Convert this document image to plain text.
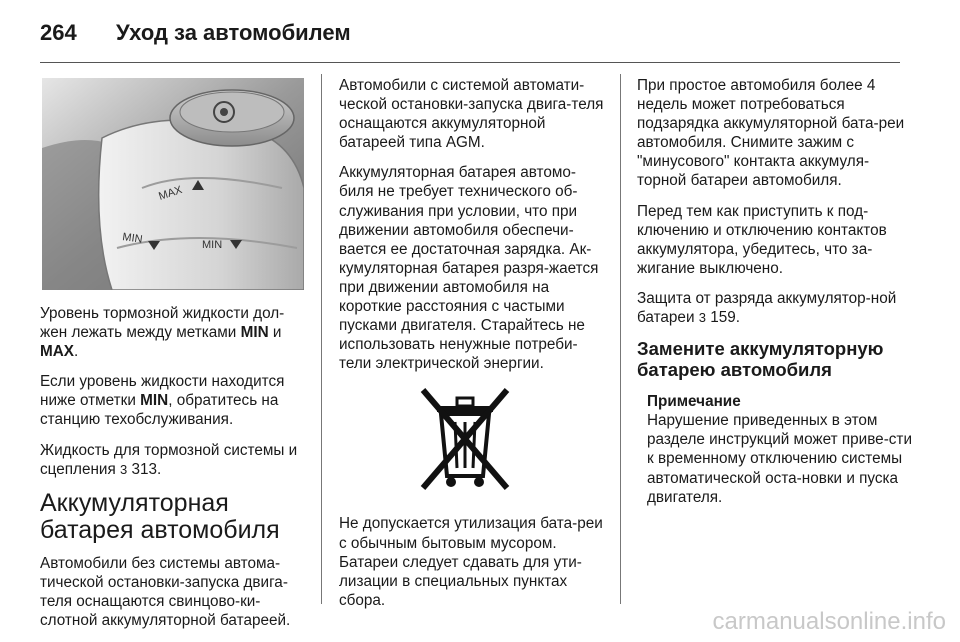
264 Уход за автомобилем
MAX
MIN	MIN

Уровень тормозной жидкости дол-жен лежать между метками MIN и MAX.

Если уровень жидкости находится ниже отметки MIN, обратитесь на станцию техобслуживания.

Жидкость для тормозной системы и сцепления 3 313.

Аккумуляторная батарея автомобиля

Автомобили без системы автома-тической остановки-запуска двига-теля оснащаются свинцово-ки-слотной аккумуляторной батареей.

Автомобили с системой автомати-ческой остановки-запуска двига-теля оснащаются аккумуляторной батареей типа AGM.

Аккумуляторная батарея автомо-биля не требует технического об-служивания при условии, что при движении автомобиля обеспечи-вается ее достаточная зарядка. Ак-кумуляторная батарея разря-жается при движении автомобиля на короткие расстояния с частыми пусками двигателя. Старайтесь не использовать ненужные потреби-тели электрической энергии.

Не допускается утилизация бата-реи с обычным бытовым мусором. Батареи следует сдавать для ути-лизации в специальных пунктах сбора.

При простое автомобиля более 4 недель может потребоваться подзарядка аккумуляторной бата-реи автомобиля. Снимите зажим с "минусового" контакта аккумуля-торной батареи автомобиля.

Перед тем как приступить к под-ключению и отключению контактов аккумулятора, убедитесь, что за-жигание выключено.

Защита от разряда аккумулятор-ной батареи 3 159.

Замените аккумуляторную батарею автомобиля
Примечание
Нарушение приведенных в этом разделе инструкций может приве-сти к временному отключению системы автоматической оста-новки и пуска двигателя.
carmanualsonline.info
